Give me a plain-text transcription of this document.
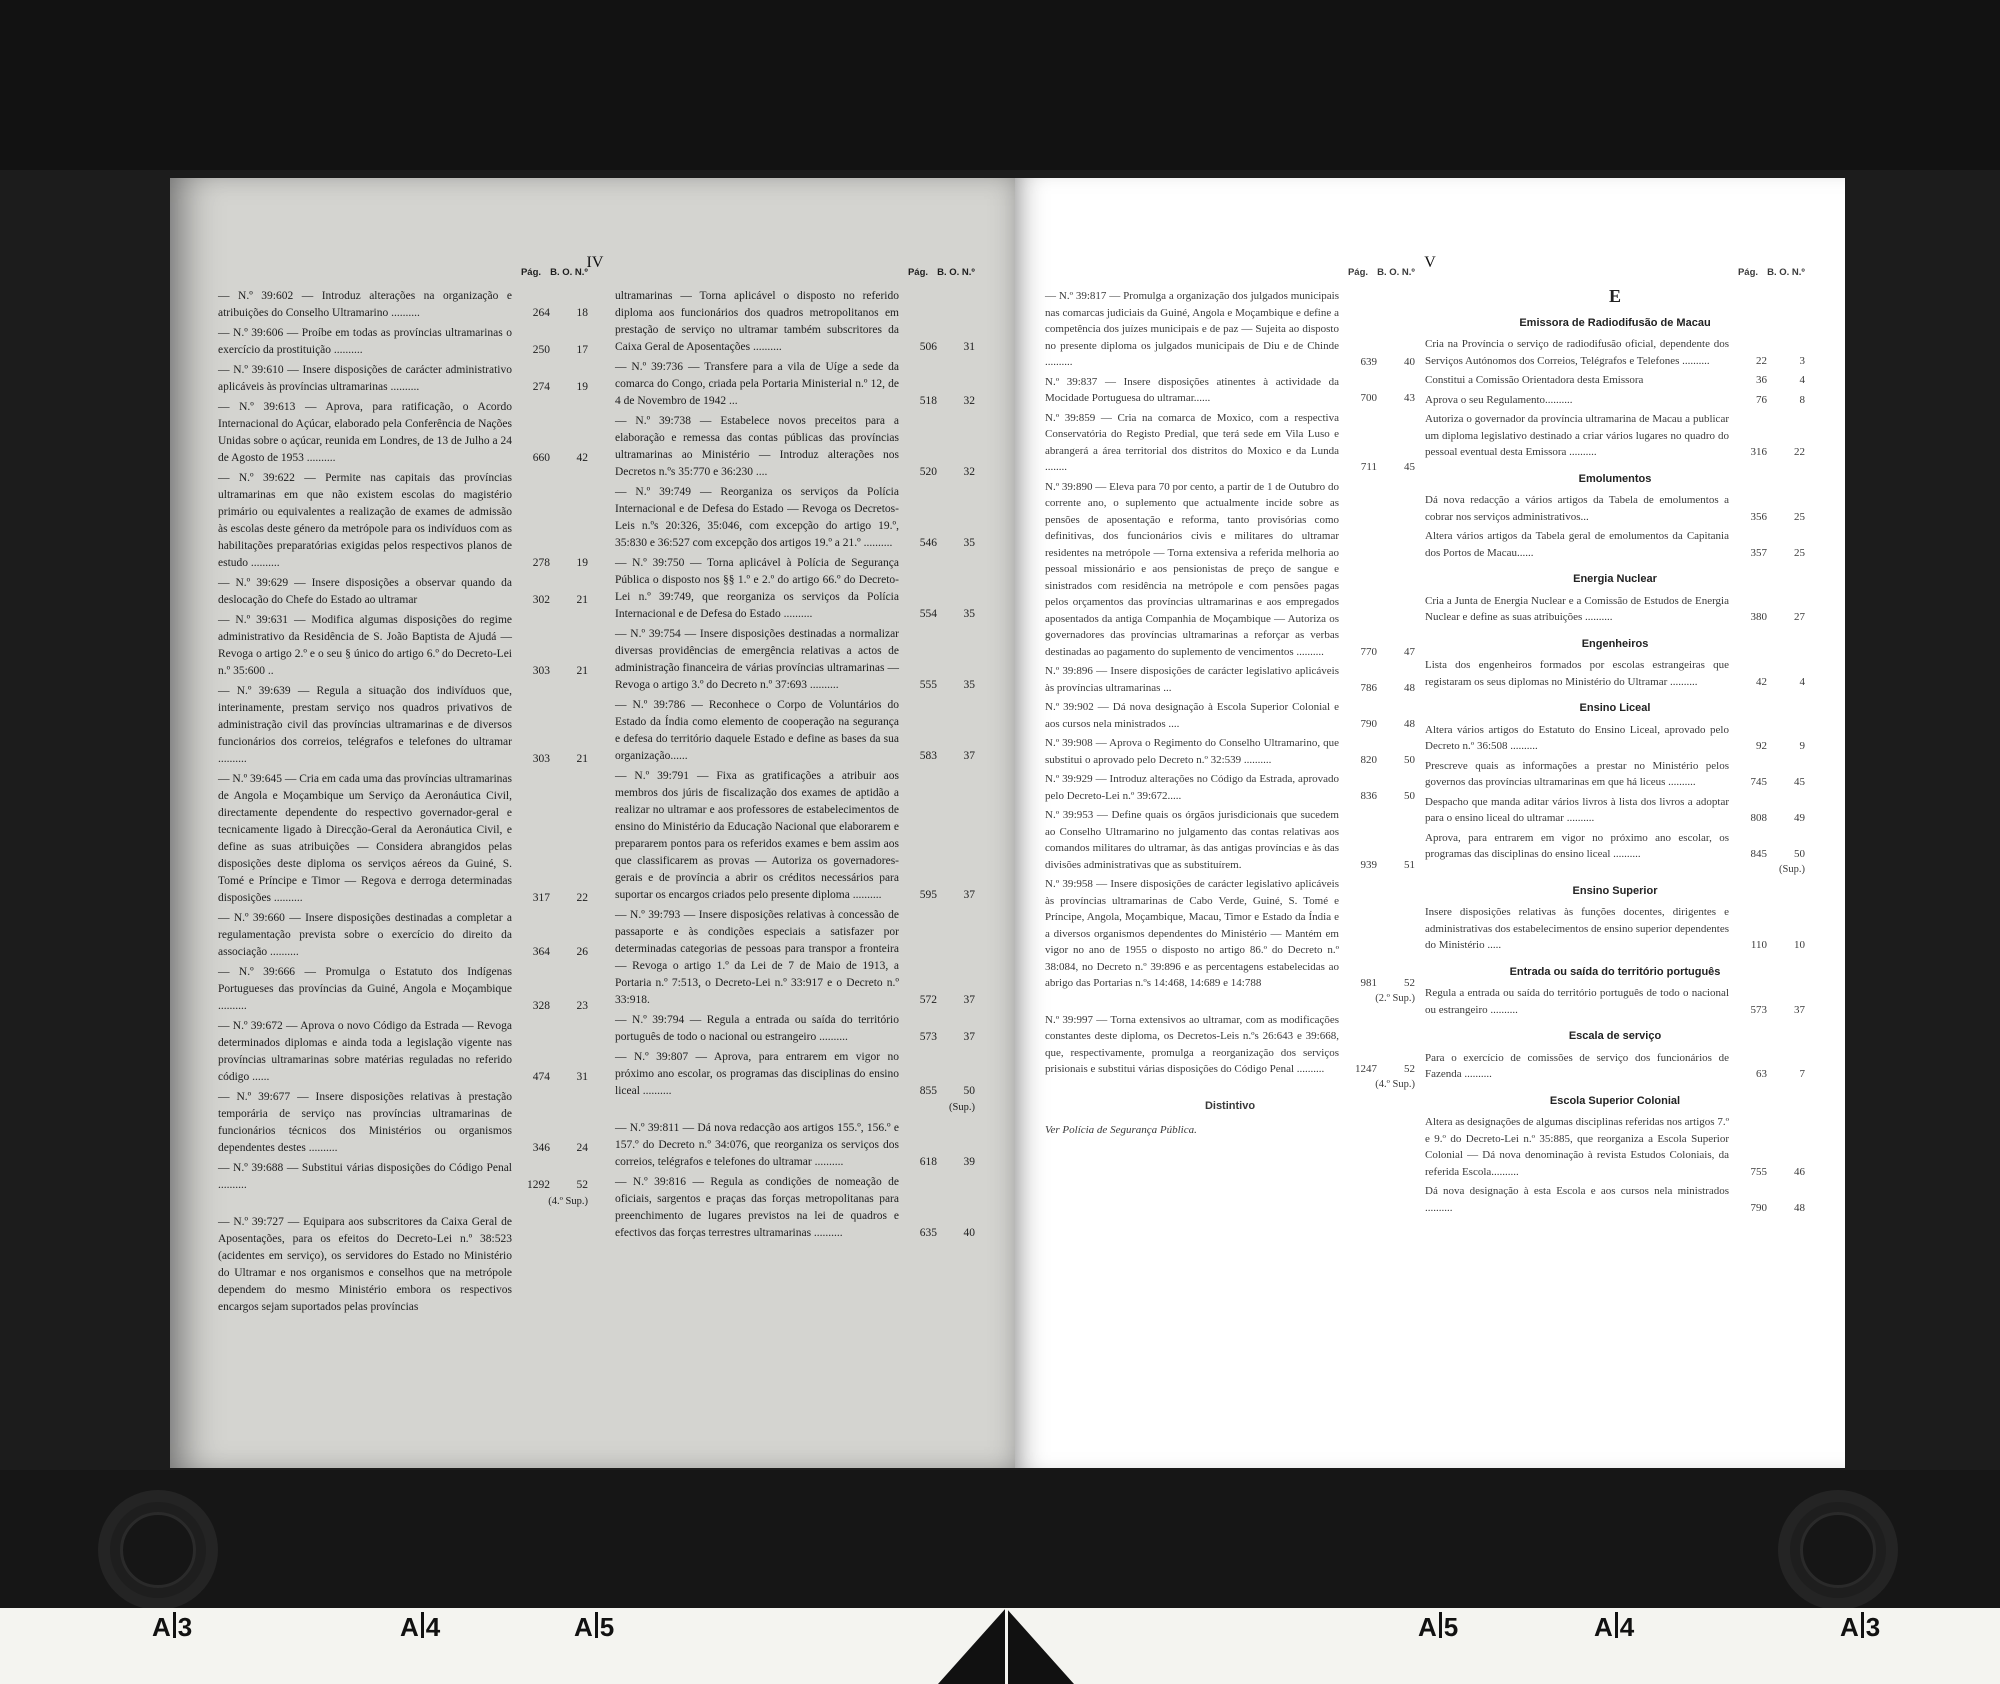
IV
Pág. B. O. N.º
— N.º 39:602 — Introduz alterações na organização e atribuições do Conselho Ultramarino ..........	264	18
— N.º 39:606 — Proíbe em todas as províncias ultramarinas o exercício da prostituição ..........	250	17
— N.º 39:610 — Insere disposições de carácter administrativo aplicáveis às províncias ultramarinas ..........	274	19
— N.º 39:613 — Aprova, para ratificação, o Acordo Internacional do Açúcar, elaborado pela Conferência de Nações Unidas sobre o açúcar, reunida em Londres, de 13 de Julho a 24 de Agosto de 1953 ..........	660	42
— N.º 39:622 — Permite nas capitais das províncias ultramarinas em que não existem escolas do magistério primário ou equivalentes a realização de exames de admissão às escolas deste género da metrópole para os indivíduos com as habilitações preparatórias exigidas pelos respectivos planos de estudo ..........	278	19
— N.º 39:629 — Insere disposições a observar quando da deslocação do Chefe do Estado ao ultramar	302	21
— N.º 39:631 — Modifica algumas disposições do regime administrativo da Residência de S. João Baptista de Ajudá — Revoga o artigo 2.º e o seu § único do artigo 6.º do Decreto-Lei n.º 35:600 ..	303	21
— N.º 39:639 — Regula a situação dos indivíduos que, interinamente, prestam serviço nos quadros privativos de administração civil das províncias ultramarinas e de diversos funcionários dos correios, telégrafos e telefones do ultramar ..........	303	21
— N.º 39:645 — Cria em cada uma das províncias ultramarinas de Angola e Moçambique um Serviço da Aeronáutica Civil, directamente dependente do respectivo governador-geral e tecnicamente ligado à Direcção-Geral da Aeronáutica Civil, e define as suas atribuições — Considera abrangidos pelas disposições deste diploma os serviços aéreos da Guiné, S. Tomé e Príncipe e Timor — Regova e derroga determinadas disposições ..........	317	22
— N.º 39:660 — Insere disposições destinadas a completar a regulamentação prevista sobre o exercício do direito da associação ..........	364	26
— N.º 39:666 — Promulga o Estatuto dos Indígenas Portugueses das províncias da Guiné, Angola e Moçambique ..........	328	23
— N.º 39:672 — Aprova o novo Código da Estrada — Revoga determinados diplomas e ainda toda a legislação vigente nas províncias ultramarinas sobre matérias reguladas no referido código ......	474	31
— N.º 39:677 — Insere disposições relativas à prestação temporária de serviço nas províncias ultramarinas de funcionários técnicos dos Ministérios ou organismos dependentes destes ..........	346	24
— N.º 39:688 — Substitui várias disposições do Código Penal ..........	1292	52
(4.º Sup.)
— N.º 39:727 — Equipara aos subscritores da Caixa Geral de Aposentações, para os efeitos do Decreto-Lei n.º 38:523 (acidentes em serviço), os servidores do Estado no Ministério do Ultramar e nos organismos e conselhos que na metrópole dependem do mesmo Ministério embora os respectivos encargos sejam suportados pelas províncias
Pág. B. O. N.º
ultramarinas — Torna aplicável o disposto no referido diploma aos funcionários dos quadros metropolitanos em prestação de serviço no ultramar também subscritores da Caixa Geral de Aposentações ..........	506	31
— N.º 39:736 — Transfere para a vila de Uíge a sede da comarca do Congo, criada pela Portaria Ministerial n.º 12, de 4 de Novembro de 1942 ...	518	32
— N.º 39:738 — Estabelece novos preceitos para a elaboração e remessa das contas públicas das províncias ultramarinas ao Ministério — Introduz alterações nos Decretos n.ºs 35:770 e 36:230 ....	520	32
— N.º 39:749 — Reorganiza os serviços da Polícia Internacional e de Defesa do Estado — Revoga os Decretos-Leis n.ºs 20:326, 35:046, com excepção do artigo 19.º, 35:830 e 36:527 com excepção dos artigos 19.º a 21.º ..........	546	35
— N.º 39:750 — Torna aplicável à Polícia de Segurança Pública o disposto nos §§ 1.º e 2.º do artigo 66.º do Decreto-Lei n.º 39:749, que reorganiza os serviços da Polícia Internacional e de Defesa do Estado ..........	554	35
— N.º 39:754 — Insere disposições destinadas a normalizar diversas providências de emergência relativas a actos de administração financeira de várias províncias ultramarinas — Revoga o artigo 3.º do Decreto n.º 37:693 ..........	555	35
— N.º 39:786 — Reconhece o Corpo de Voluntários do Estado da Índia como elemento de cooperação na segurança e defesa do território daquele Estado e define as bases da sua organização......	583	37
— N.º 39:791 — Fixa as gratificações a atribuir aos membros dos júris de fiscalização dos exames de aptidão a realizar no ultramar e aos professores de estabelecimentos de ensino do Ministério da Educação Nacional que elaborarem e prepararem pontos para os referidos exames e bem assim aos que classificarem as provas — Autoriza os governadores-gerais e de província a abrir os créditos necessários para suportar os encargos criados pelo presente diploma ..........	595	37
— N.º 39:793 — Insere disposições relativas à concessão de passaporte e às condições especiais a satisfazer por determinadas categorias de pessoas para transpor a fronteira — Revoga o artigo 1.º da Lei de 7 de Maio de 1913, a Portaria n.º 7:513, o Decreto-Lei n.º 33:917 e o Decreto n.º 33:918.	572	37
— N.º 39:794 — Regula a entrada ou saída do território português de todo o nacional ou estrangeiro ..........	573	37
— N.º 39:807 — Aprova, para entrarem em vigor no próximo ano escolar, os programas das disciplinas do ensino liceal ..........	855	50
(Sup.)
— N.º 39:811 — Dá nova redacção aos artigos 155.º, 156.º e 157.º do Decreto n.º 34:076, que reorganiza os serviços dos correios, telégrafos e telefones do ultramar ..........	618	39
— N.º 39:816 — Regula as condições de nomeação de oficiais, sargentos e praças das forças metropolitanas para preenchimento de lugares previstos na lei de quadros e efectivos das forças terrestres ultramarinas ..........	635	40
V
Pág. B. O. N.º
— N.º 39:817 — Promulga a organização dos julgados municipais nas comarcas judiciais da Guiné, Angola e Moçambique e define a competência dos juízes municipais e de paz — Sujeita ao disposto no presente diploma os julgados municipais de Diu e de Chinde ..........	639	40
N.º 39:837 — Insere disposições atinentes à actividade da Mocidade Portuguesa do ultramar......	700	43
N.º 39:859 — Cria na comarca de Moxico, com a respectiva Conservatória do Registo Predial, que terá sede em Vila Luso e abrangerá a área territorial dos distritos do Moxico e da Lunda ........	711	45
N.º 39:890 — Eleva para 70 por cento, a partir de 1 de Outubro do corrente ano, o suplemento que actualmente incide sobre as pensões de aposentação e reforma, tanto provisórias como definitivas, dos funcionários civis e militares do ultramar residentes na metrópole — Torna extensiva a referida melhoria ao pessoal missionário e aos pensionistas de preço de sangue e sinistrados com residência na metrópole e com pensões pagas pelos orçamentos das províncias ultramarinas e aos empregados aposentados da antiga Companhia de Moçambique — Autoriza os governadores das províncias ultramarinas a reforçar as verbas destinadas ao pagamento do suplemento de vencimentos ..........	770	47
N.º 39:896 — Insere disposições de carácter legislativo aplicáveis às províncias ultramarinas ...	786	48
N.º 39:902 — Dá nova designação à Escola Superior Colonial e aos cursos nela ministrados ....	790	48
N.º 39:908 — Aprova o Regimento do Conselho Ultramarino, que substitui o aprovado pelo Decreto n.º 32:539 ..........	820	50
N.º 39:929 — Introduz alterações no Código da Estrada, aprovado pelo Decreto-Lei n.º 39:672.....	836	50
N.º 39:953 — Define quais os órgãos jurisdicionais que sucedem ao Conselho Ultramarino no julgamento das contas relativas aos comandos militares do ultramar, às das antigas províncias e às das divisões administrativas que as substituírem.	939	51
N.º 39:958 — Insere disposições de carácter legislativo aplicáveis às províncias ultramarinas de Cabo Verde, Guiné, S. Tomé e Príncipe, Angola, Moçambique, Macau, Timor e Estado da Índia e a diversos organismos dependentes do Ministério — Mantém em vigor no ano de 1955 o disposto no artigo 86.º do Decreto n.º 38:084, no Decreto n.º 39:896 e as percentagens estabelecidas ao abrigo das Portarias n.ºs 14:468, 14:689 e 14:788	981	52
(2.º Sup.)
N.º 39:997 — Torna extensivos ao ultramar, com as modificações constantes deste diploma, os Decretos-Leis n.ºs 26:643 e 39:668, que, respectivamente, promulga a reorganização dos serviços prisionais e substitui várias disposições do Código Penal ..........	1247	52
(4.º Sup.)
Distintivo
Ver Polícia de Segurança Pública.
Pág. B. O. N.º
E
Emissora de Radiodifusão de Macau
Cria na Província o serviço de radiodifusão oficial, dependente dos Serviços Autónomos dos Correios, Telégrafos e Telefones ..........	22	3
Constitui a Comissão Orientadora desta Emissora	36	4
Aprova o seu Regulamento..........	76	8
Autoriza o governador da província ultramarina de Macau a publicar um diploma legislativo destinado a criar vários lugares no quadro do pessoal eventual desta Emissora ..........	316	22
Emolumentos
Dá nova redacção a vários artigos da Tabela de emolumentos a cobrar nos serviços administrativos...	356	25
Altera vários artigos da Tabela geral de emolumentos da Capitania dos Portos de Macau......	357	25
Energia Nuclear
Cria a Junta de Energia Nuclear e a Comissão de Estudos de Energia Nuclear e define as suas atribuições ..........	380	27
Engenheiros
Lista dos engenheiros formados por escolas estrangeiras que registaram os seus diplomas no Ministério do Ultramar ..........	42	4
Ensino Liceal
Altera vários artigos do Estatuto do Ensino Liceal, aprovado pelo Decreto n.º 36:508 ..........	92	9
Prescreve quais as informações a prestar no Ministério pelos governos das províncias ultramarinas em que há liceus ..........	745	45
Despacho que manda aditar vários livros à lista dos livros a adoptar para o ensino liceal do ultramar ..........	808	49
Aprova, para entrarem em vigor no próximo ano escolar, os programas das disciplinas do ensino liceal ..........	845	50
(Sup.)
Ensino Superior
Insere disposições relativas às funções docentes, dirigentes e administrativas dos estabelecimentos de ensino superior dependentes do Ministério .....	110	10
Entrada ou saída do território português
Regula a entrada ou saída do território português de todo o nacional ou estrangeiro ..........	573	37
Escala de serviço
Para o exercício de comissões de serviço dos funcionários de Fazenda ..........	63	7
Escola Superior Colonial
Altera as designações de algumas disciplinas referidas nos artigos 7.º e 9.º do Decreto-Lei n.º 35:885, que reorganiza a Escola Superior Colonial — Dá nova denominação à revista Estudos Coloniais, da referida Escola..........	755	46
Dá nova designação à esta Escola e aos cursos nela ministrados ..........	790	48
A 3	A 4	A 5	A 5	A 4	A 3
